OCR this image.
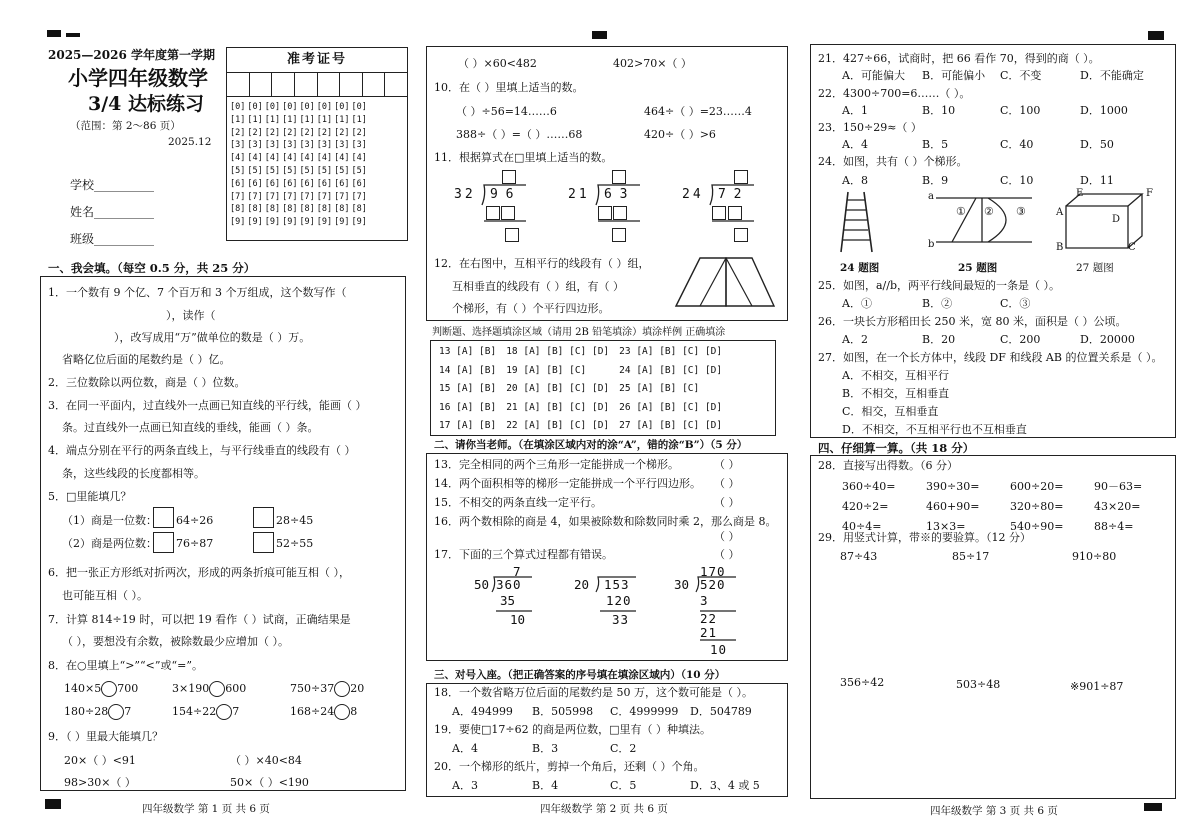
2025—2026 学年度第一学期
小学四年级数学
3/4 达标练习
（范围：第 2～86 页）
2025.12
学校__________
姓名__________
班级__________
准考证号
[0]	[0]	[0]	[0]	[0]	[0]	[0]	[0]
[1]	[1]	[1]	[1]	[1]	[1]	[1]	[1]
[2]	[2]	[2]	[2]	[2]	[2]	[2]	[2]
[3]	[3]	[3]	[3]	[3]	[3]	[3]	[3]
[4]	[4]	[4]	[4]	[4]	[4]	[4]	[4]
[5]	[5]	[5]	[5]	[5]	[5]	[5]	[5]
[6]	[6]	[6]	[6]	[6]	[6]	[6]	[6]
[7]	[7]	[7]	[7]	[7]	[7]	[7]	[7]
[8]	[8]	[8]	[8]	[8]	[8]	[8]	[8]
[9]	[9]	[9]	[9]	[9]	[9]	[9]	[9]
一、我会填。（每空 0.5 分，共 25 分）
1．一个数有 9 个亿、7 个百万和 3 个万组成，这个数写作（
），读作（
），改写成用“万”做单位的数是（ ）万。
省略亿位后面的尾数约是（ ）亿。
2．三位数除以两位数，商是（ ）位数。
3．在同一平面内，过直线外一点画已知直线的平行线，能画（ ）
条。过直线外一点画已知直线的垂线，能画（ ）条。
4．端点分别在平行的两条直线上，与平行线垂直的线段有（ ）
条，这些线段的长度都相等。
5．□里能填几？
（1）商是一位数： 64÷26	28÷45
（2）商是两位数： 76÷87	52÷55
6．把一张正方形纸对折两次，形成的两条折痕可能互相（ ），
也可能互相（ ）。
7．计算 814÷19 时，可以把 19 看作（ ）试商，正确结果是
（ ），要想没有余数，被除数最少应增加（ ）。
8．在○里填上“>”“<”或“=”。
140×5 700	3×190 600	750÷37 20
180÷28 7	154÷22 7	168÷24 8
9．（ ）里最大能填几？
20×（ ）<91	（ ）×40<84
98>30×（ ）	50×（ ）<190
四年级数学 第 1 页 共 6 页
（ ）×60<482	402>70×（ ）
10．在（ ）里填上适当的数。
（ ）÷56=14……6	464÷（ ）=23……4
388÷（ ）=（ ）……68	420÷（ ）>6
11．根据算式在□里填上适当的数。
32 9 6	21 6 3	24 7 2
12．在右图中，互相平行的线段有（ ）组，
互相垂直的线段有（ ）组，有（ ）
个梯形，有（ ）个平行四边形。
判断题、选择题填涂区域（请用 2B 铅笔填涂）填涂样例 正确填涂
13 [A] [B]	18 [A] [B] [C] [D]	23 [A] [B] [C] [D]
14 [A] [B]	19 [A] [B] [C]	24 [A] [B] [C] [D]
15 [A] [B]	20 [A] [B] [C] [D]	25 [A] [B] [C]
16 [A] [B]	21 [A] [B] [C] [D]	26 [A] [B] [C] [D]
17 [A] [B]	22 [A] [B] [C] [D]	27 [A] [B] [C] [D]
二、请你当老师。（在填涂区域内对的涂“A”，错的涂“B”）（5 分）
13．完全相同的两个三角形一定能拼成一个梯形。	（ ）
14．两个面积相等的梯形一定能拼成一个平行四边形。 （ ）
15．不相交的两条直线一定平行。	（ ）
16．两个数相除的商是 4，如果被除数和除数同时乘 2，那么商是 8。
（ ）
17．下面的三个算式过程都有错误。	（ ）
7
50 360
35
10
20 153
120
33
170
30 520
3
22
21
10
三、对号入座。（把正确答案的序号填在填涂区域内）（10 分）
18．一个数省略万位后面的尾数约是 50 万，这个数可能是（ ）。
A．494999 B．505998 C．4999999 D．504789
19．要使□17÷62 的商是两位数，□里有（ ）种填法。
A．4	B．3	C．2
20．一个梯形的纸片，剪掉一个角后，还剩（ ）个角。
A．3	B．4	C．5	D．3、4 或 5
四年级数学 第 2 页 共 6 页
21．427÷66，试商时，把 66 看作 70，得到的商（ ）。
A．可能偏大 B．可能偏小 C．不变	D．不能确定
22．4300÷700=6……（ ）。
A．1	B．10	C．100	D．1000
23．150÷29≈（ ）
A．4	B．5	C．40	D．50
24．如图，共有（ ）个梯形。
A．8	B．9	C．10	D．11
24 题图
a
b
① ② ③
25 题图
E	F
A
D
B	C
27 题图
25．如图，a//b，两平行线间最短的一条是（ ）。
A．①	B．②	C．③
26．一块长方形稻田长 250 米，宽 80 米，面积是（ ）公顷。
A．2	B．20	C．200	D．20000
27．如图，在一个长方体中，线段 DF 和线段 AB 的位置关系是（ ）。
A．不相交，互相平行
B．不相交，互相垂直
C．相交，互相垂直
D．不相交，不互相平行也不互相垂直
四、仔细算一算。（共 18 分）
28．直接写出得数。（6 分）
360÷40=	390÷30=	600÷20=	90－63=
420÷2=	460+90=	320÷80=	43×20=
40÷4=	13×3=	540÷90=	88÷4=
29．用竖式计算，带※的要验算。（12 分）
87÷43	85÷17	910÷80
356÷42	503÷48	※901÷87
四年级数学 第 3 页 共 6 页
